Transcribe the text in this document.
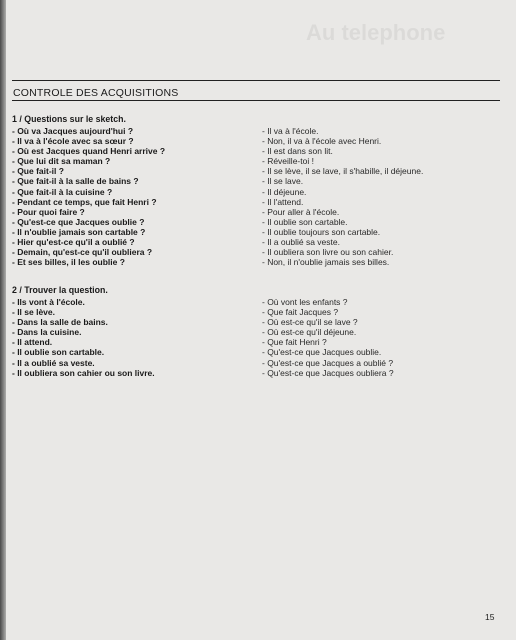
Au telephone
CONTROLE DES ACQUISITIONS
1 / Questions sur le sketch.
- Où va Jacques aujourd'hui ?
- Il va à l'école avec sa sœur ?
- Où est Jacques quand Henri arrive ?
- Que lui dit sa maman ?
- Que fait-il ?
- Que fait-il à la salle de bains ?
- Que fait-il à la cuisine ?
- Pendant ce temps, que fait Henri ?
- Pour quoi faire ?
- Qu'est-ce que Jacques oublie ?
- Il n'oublie jamais son cartable ?
- Hier qu'est-ce qu'il a oublié ?
- Demain, qu'est-ce qu'il oubliera ?
- Et ses billes, il les oublie ?
- Il va à l'école.
- Non, il va à l'école avec Henri.
- Il est dans son lit.
- Réveille-toi !
- Il se lève, il se lave, il s'habille, il déjeune.
- Il se lave.
- Il déjeune.
- Il l'attend.
- Pour aller à l'école.
- Il oublie son cartable.
- Il oublie toujours son cartable.
- Il a oublié sa veste.
- Il oubliera son livre ou son cahier.
- Non, il n'oublie jamais ses billes.
2 / Trouver la question.
- Ils vont à l'école.
- Il se lève.
- Dans la salle de bains.
- Dans la cuisine.
- Il attend.
- Il oublie son cartable.
- Il a oublié sa veste.
- Il oubliera son cahier ou son livre.
- Où vont les enfants ?
- Que fait Jacques ?
- Où est-ce qu'il se lave ?
- Où est-ce qu'il déjeune.
- Que fait Henri ?
- Qu'est-ce que Jacques oublie.
- Qu'est-ce que Jacques a oublié ?
- Qu'est-ce que Jacques oubliera ?
15
